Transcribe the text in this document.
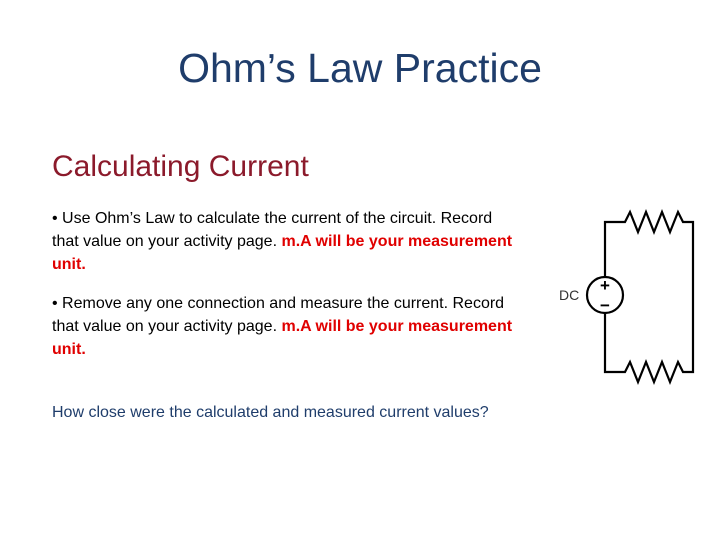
Ohm’s Law Practice
Calculating Current
• Use Ohm’s Law to calculate the current of the circuit. Record that value on your activity page. m.A will be your measurement unit.
• Remove any one connection and measure the current. Record that value on your activity page. m.A will be your measurement unit.
How close were the calculated and measured current values?
DC +
−
